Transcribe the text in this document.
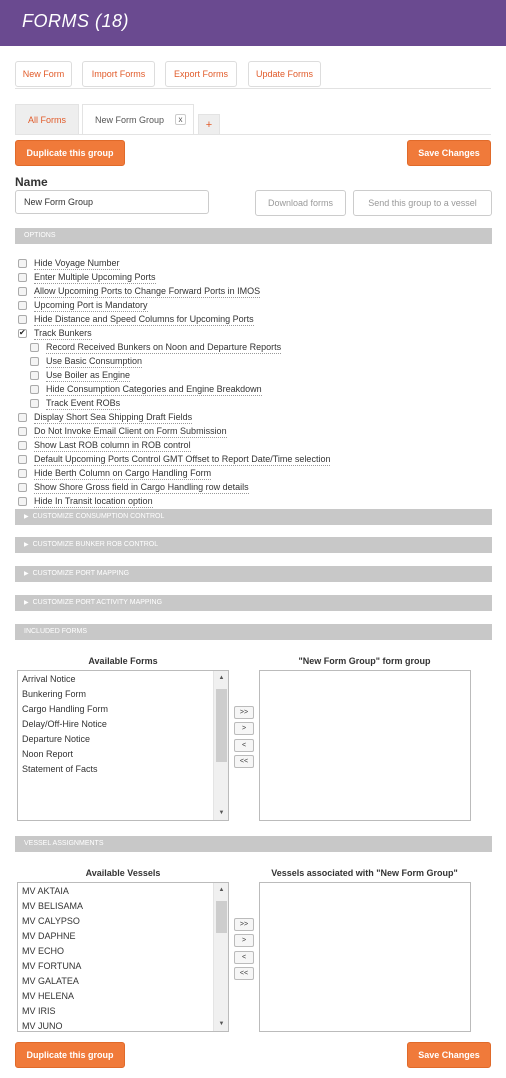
FORMS (18)
New Form	Import Forms	Export Forms	Update Forms
All Forms	New Form Group	x	+
Duplicate this group	Save Changes
Name
New Form Group	Download forms	Send this group to a vessel
OPTIONS
Hide Voyage Number
Enter Multiple Upcoming Ports
Allow Upcoming Ports to Change Forward Ports in IMOS
Upcoming Port is Mandatory
Hide Distance and Speed Columns for Upcoming Ports
✔
Track Bunkers
Record Received Bunkers on Noon and Departure Reports
Use Basic Consumption
Use Boiler as Engine
Hide Consumption Categories and Engine Breakdown
Track Event ROBs
Display Short Sea Shipping Draft Fields
Do Not Invoke Email Client on Form Submission
Show Last ROB column in ROB control
Default Upcoming Ports Control GMT Offset to Report Date/Time selection
Hide Berth Column on Cargo Handling Form
Show Shore Gross field in Cargo Handling row details
Hide In Transit location option
▶ CUSTOMIZE CONSUMPTION CONTROL
▶ CUSTOMIZE BUNKER ROB CONTROL
▶ CUSTOMIZE PORT MAPPING
▶ CUSTOMIZE PORT ACTIVITY MAPPING
INCLUDED FORMS
Available Forms	"New Form Group" form group
Arrival Notice
Bunkering Form
Cargo Handling Form
Delay/Off-Hire Notice
Departure Notice
Noon Report
Statement of Facts
▲
▼
>>
>
<
<<
VESSEL ASSIGNMENTS
Available Vessels	Vessels associated with "New Form Group"
MV AKTAIA
MV BELISAMA
MV CALYPSO
MV DAPHNE
MV ECHO
MV FORTUNA
MV GALATEA
MV HELENA
MV IRIS
MV JUNO
▲
▼
>>
>
<
<<
Duplicate this group	Save Changes
